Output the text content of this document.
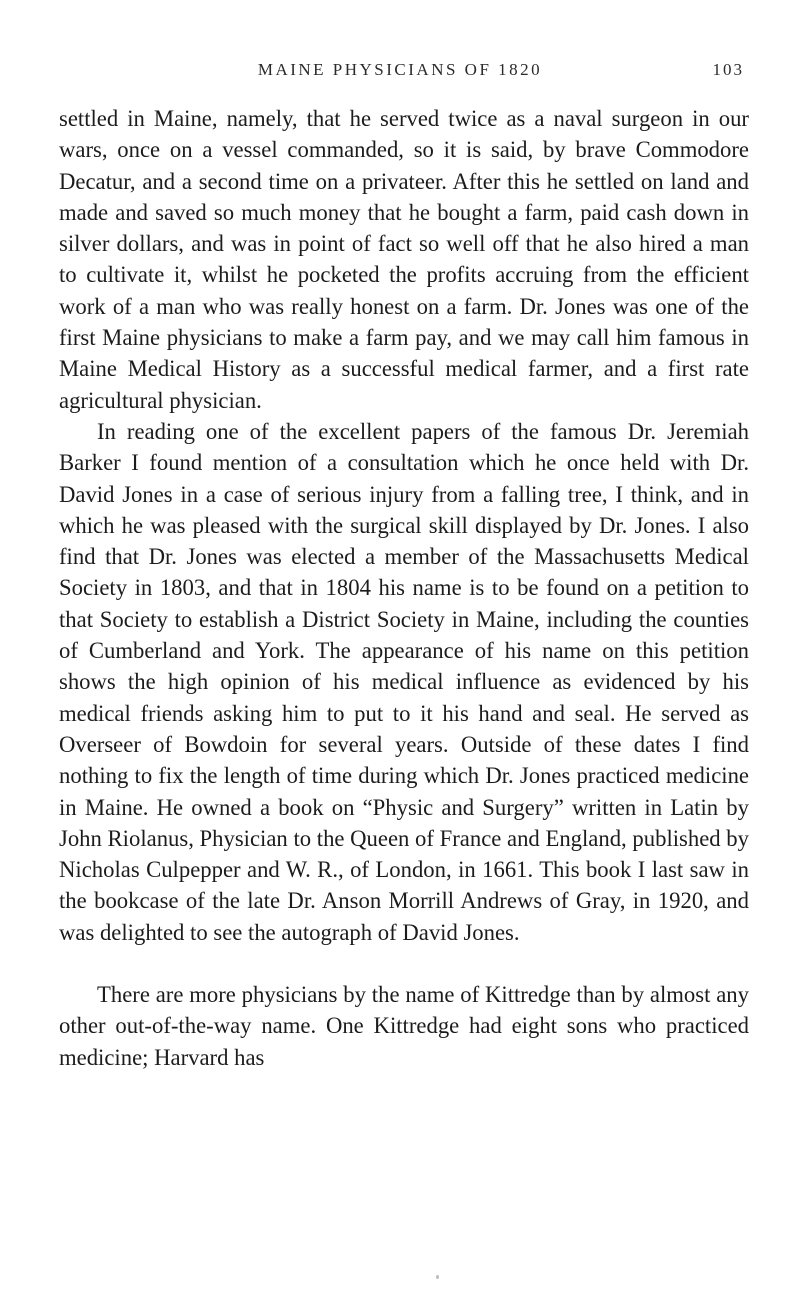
MAINE PHYSICIANS OF 1820	103

settled in Maine, namely, that he served twice as a naval surgeon in our wars, once on a vessel commanded, so it is said, by brave Commodore Decatur, and a second time on a privateer. After this he settled on land and made and saved so much money that he bought a farm, paid cash down in silver dollars, and was in point of fact so well off that he also hired a man to cultivate it, whilst he pocketed the profits accruing from the efficient work of a man who was really honest on a farm. Dr. Jones was one of the first Maine physicians to make a farm pay, and we may call him famous in Maine Medical History as a successful medical farmer, and a first rate agricultural physician.

In reading one of the excellent papers of the famous Dr. Jeremiah Barker I found mention of a consultation which he once held with Dr. David Jones in a case of serious injury from a falling tree, I think, and in which he was pleased with the surgical skill displayed by Dr. Jones. I also find that Dr. Jones was elected a member of the Massachusetts Medical Society in 1803, and that in 1804 his name is to be found on a petition to that Society to establish a District Society in Maine, including the counties of Cumberland and York. The appearance of his name on this petition shows the high opinion of his medical influence as evidenced by his medical friends asking him to put to it his hand and seal. He served as Overseer of Bowdoin for several years. Outside of these dates I find nothing to fix the length of time during which Dr. Jones practiced medicine in Maine. He owned a book on “Physic and Surgery” written in Latin by John Riolanus, Physician to the Queen of France and England, published by Nicholas Culpepper and W. R., of London, in 1661. This book I last saw in the bookcase of the late Dr. Anson Morrill Andrews of Gray, in 1920, and was delighted to see the autograph of David Jones.

There are more physicians by the name of Kittredge than by almost any other out-of-the-way name. One Kittredge had eight sons who practiced medicine; Harvard has
